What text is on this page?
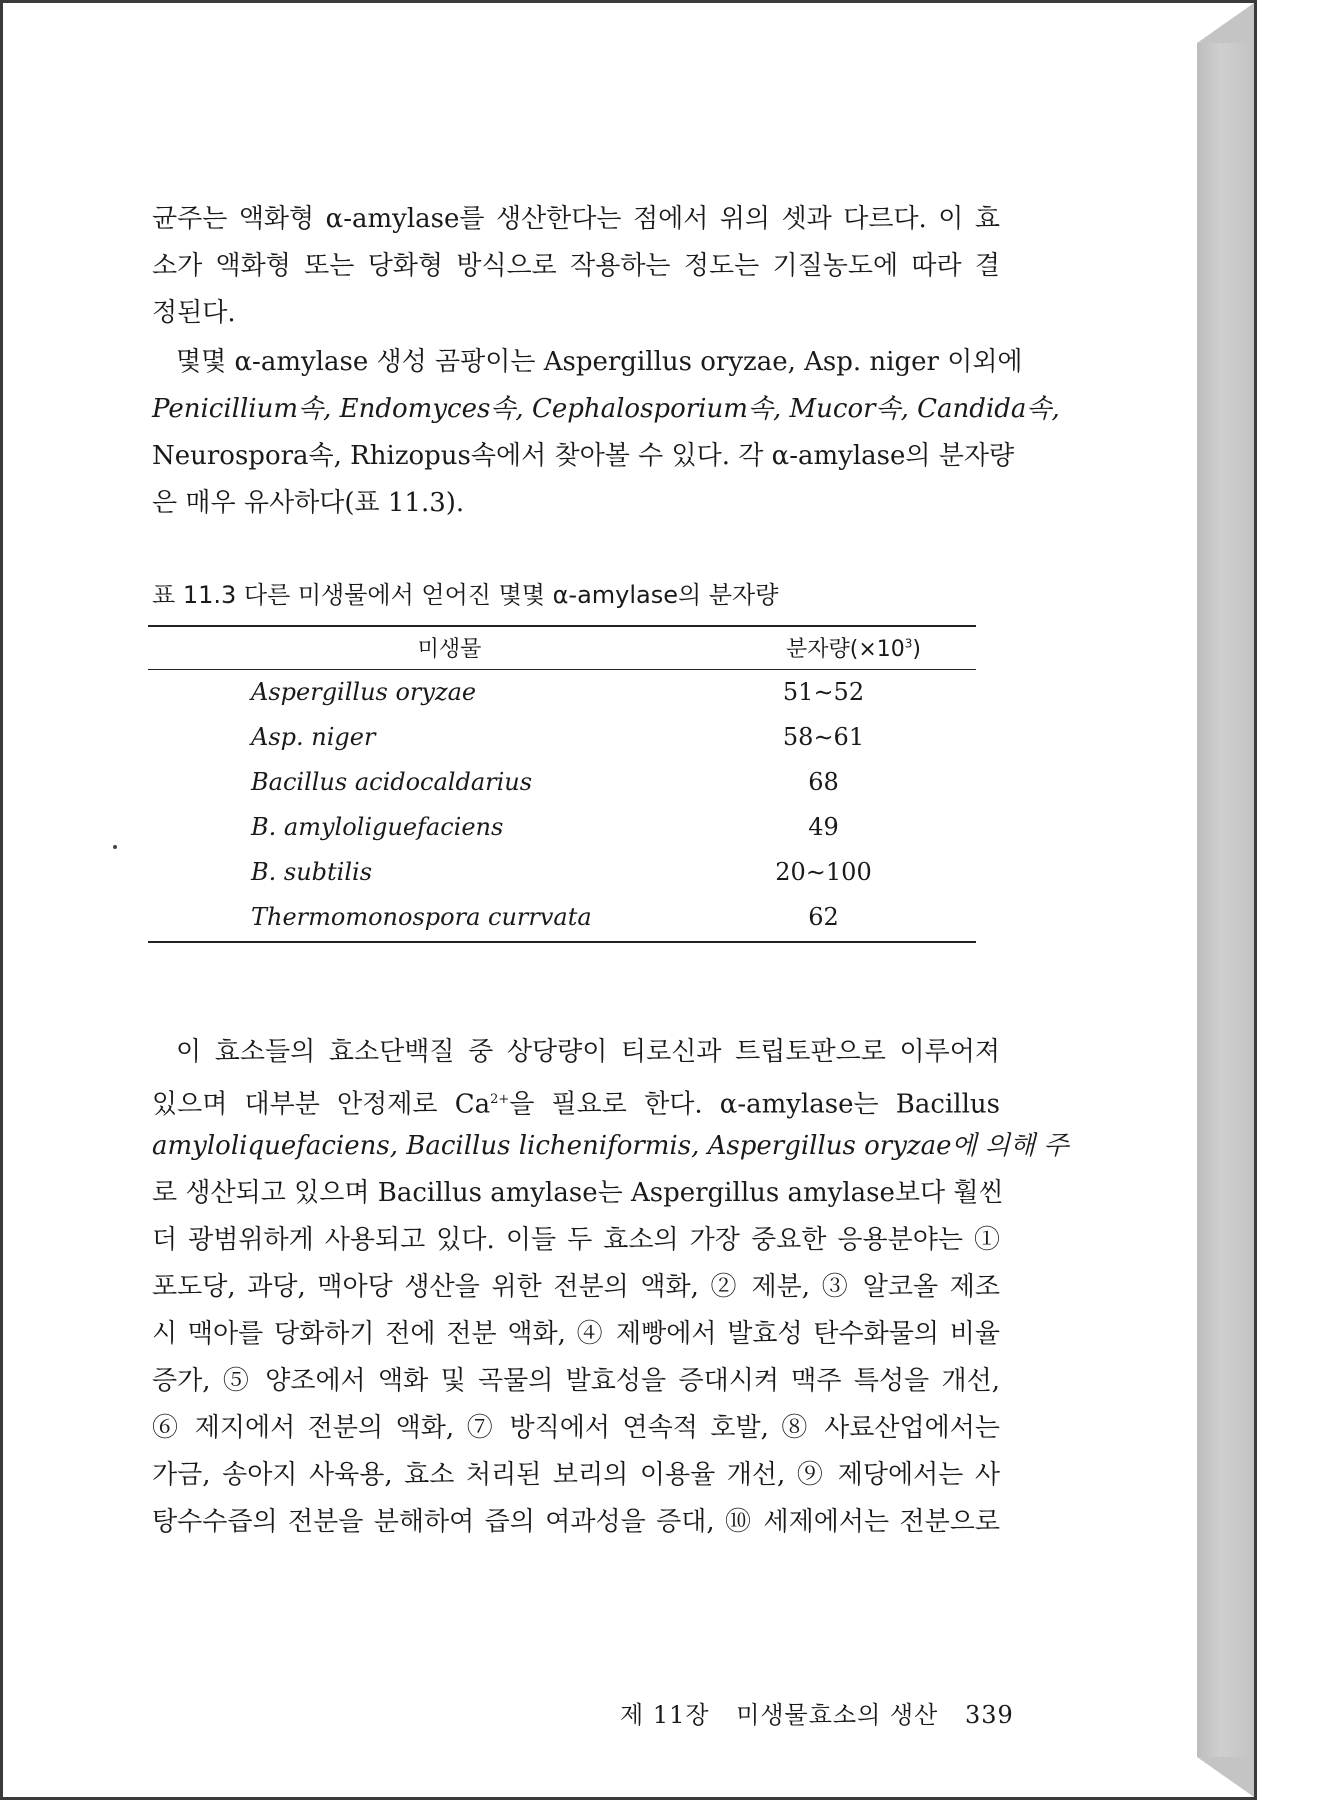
균주는 액화형 α-amylase를 생산한다는 점에서 위의 셋과 다르다. 이 효
소가 액화형 또는 당화형 방식으로 작용하는 정도는 기질농도에 따라 결
정된다.
몇몇 α-amylase 생성 곰팡이는 Aspergillus oryzae, Asp. niger 이외에
Penicillium속, Endomyces속, Cephalosporium속, Mucor속, Candida속,
Neurospora속, Rhizopus속에서 찾아볼 수 있다. 각 α-amylase의 분자량
은 매우 유사하다(표 11.3).
표 11.3 다른 미생물에서 얻어진 몇몇 α-amylase의 분자량
미생물	분자량$(\times 10^3)$
Aspergillus oryzae	51∼52
Asp. niger	58∼61
Bacillus acidocaldarius	68
B. amyloliguefaciens	49
B. subtilis	20∼100
Thermomonospora currvata	62
이 효소들의 효소단백질 중 상당량이 티로신과 트립토판으로 이루어져
있으며 대부분 안정제로 $Ca^{2+}$을 필요로 한다. α-amylase는 Bacillus
amyloliquefaciens, Bacillus licheniformis, Aspergillus oryzae에 의해 주
로 생산되고 있으며 Bacillus amylase는 Aspergillus amylase보다 훨씬
더 광범위하게 사용되고 있다. 이들 두 효소의 가장 중요한 응용분야는 ①
포도당, 과당, 맥아당 생산을 위한 전분의 액화, ② 제분, ③ 알코올 제조
시 맥아를 당화하기 전에 전분 액화, ④ 제빵에서 발효성 탄수화물의 비율
증가, ⑤ 양조에서 액화 및 곡물의 발효성을 증대시켜 맥주 특성을 개선,
⑥ 제지에서 전분의 액화, ⑦ 방직에서 연속적 호발, ⑧ 사료산업에서는
가금, 송아지 사육용, 효소 처리된 보리의 이용율 개선, ⑨ 제당에서는 사
탕수수즙의 전분을 분해하여 즙의 여과성을 증대, ⑩ 세제에서는 전분으로
제 11장 미생물효소의 생산 339
